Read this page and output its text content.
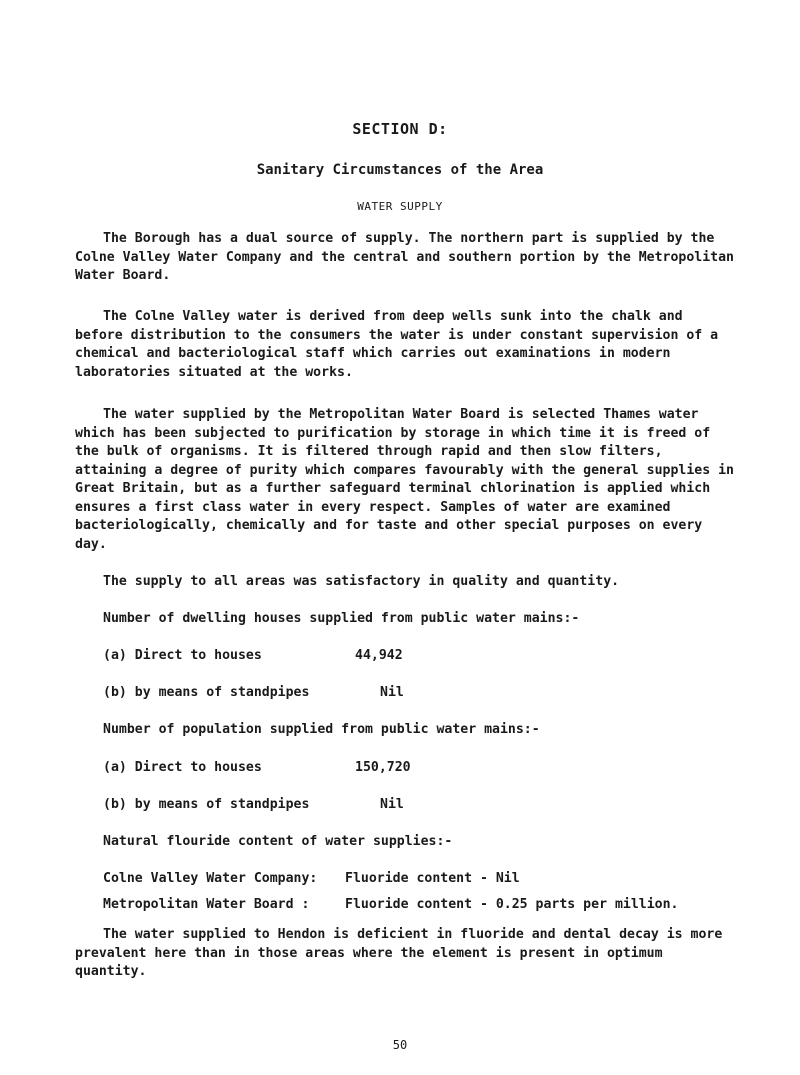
SECTION D:
Sanitary Circumstances of the Area
WATER SUPPLY

The Borough has a dual source of supply. The northern part is supplied by the Colne Valley Water Company and the central and southern portion by the Metropolitan Water Board.

The Colne Valley water is derived from deep wells sunk into the chalk and before distribution to the consumers the water is under constant supervision of a chemical and bacteriological staff which carries out examinations in modern laboratories situated at the works.

The water supplied by the Metropolitan Water Board is selected Thames water which has been subjected to purification by storage in which time it is freed of the bulk of organisms. It is filtered through rapid and then slow filters, attaining a degree of purity which compares favourably with the general supplies in Great Britain, but as a further safeguard terminal chlorination is applied which ensures a first class water in every respect. Samples of water are examined bacteriologically, chemically and for taste and other special purposes on every day.

The supply to all areas was satisfactory in quality and quantity.

Number of dwelling houses supplied from public water mains:-
(a) Direct to houses	44,942
(b) by means of standpipes	Nil
Number of population supplied from public water mains:-
(a) Direct to houses	150,720
(b) by means of standpipes	Nil
Natural flouride content of water supplies:-
Colne Valley Water Company: Fluoride content - Nil
Metropolitan Water Board :	Fluoride content - 0.25 parts per million.

The water supplied to Hendon is deficient in fluoride and dental decay is more prevalent here than in those areas where the element is present in optimum quantity.

50
